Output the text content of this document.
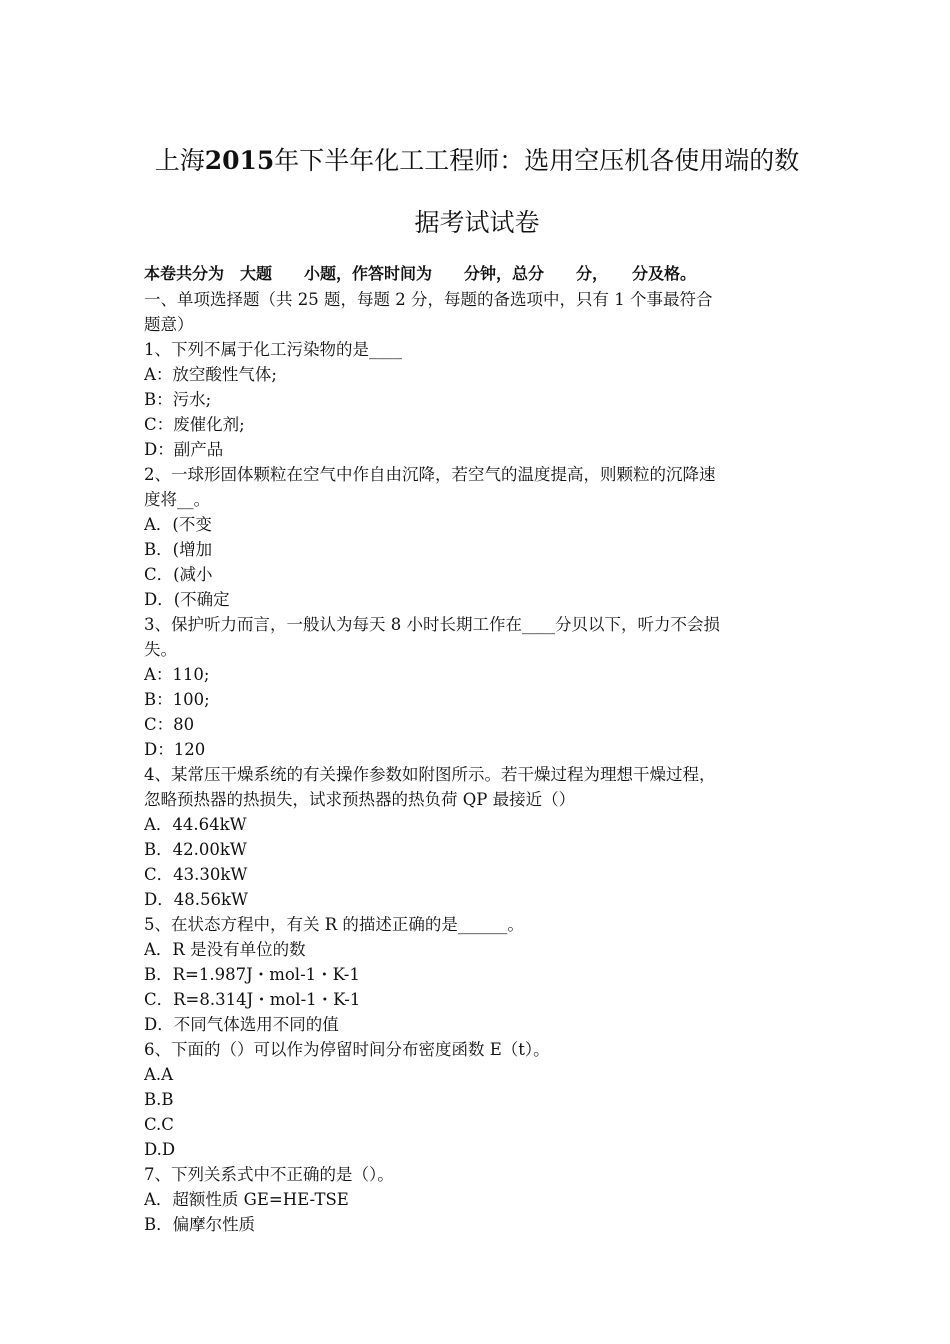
上海2015年下半年化工工程师：选用空压机各使用端的数
据考试试卷
本卷共分为　大题　　小题，作答时间为　　分钟，总分　　分，　　分及格。
一、单项选择题（共 25 题，每题 2 分，每题的备选项中，只有 1 个事最符合
题意）
1、下列不属于化工污染物的是____
A：放空酸性气体;
B：污水;
C：废催化剂;
D：副产品
2、一球形固体颗粒在空气中作自由沉降，若空气的温度提高，则颗粒的沉降速
度将__。
A．(不变
B．(增加
C．(减小
D．(不确定
3、保护听力而言，一般认为每天 8 小时长期工作在____分贝以下，听力不会损
失。
A：110;
B：100;
C：80
D：120
4、某常压干燥系统的有关操作参数如附图所示。若干燥过程为理想干燥过程，
忽略预热器的热损失，试求预热器的热负荷 QP 最接近（）
A．44.64kW
B．42.00kW
C．43.30kW
D．48.56kW
5、在状态方程中，有关 R 的描述正确的是______。
A．R 是没有单位的数
B．R=1.987J・mol-1・K-1
C．R=8.314J・mol-1・K-1
D．不同气体选用不同的值
6、下面的（）可以作为停留时间分布密度函数 E（t）。
A.A
B.B
C.C
D.D
7、下列关系式中不正确的是（）。
A．超额性质 GE=HE-TSE
B．偏摩尔性质
